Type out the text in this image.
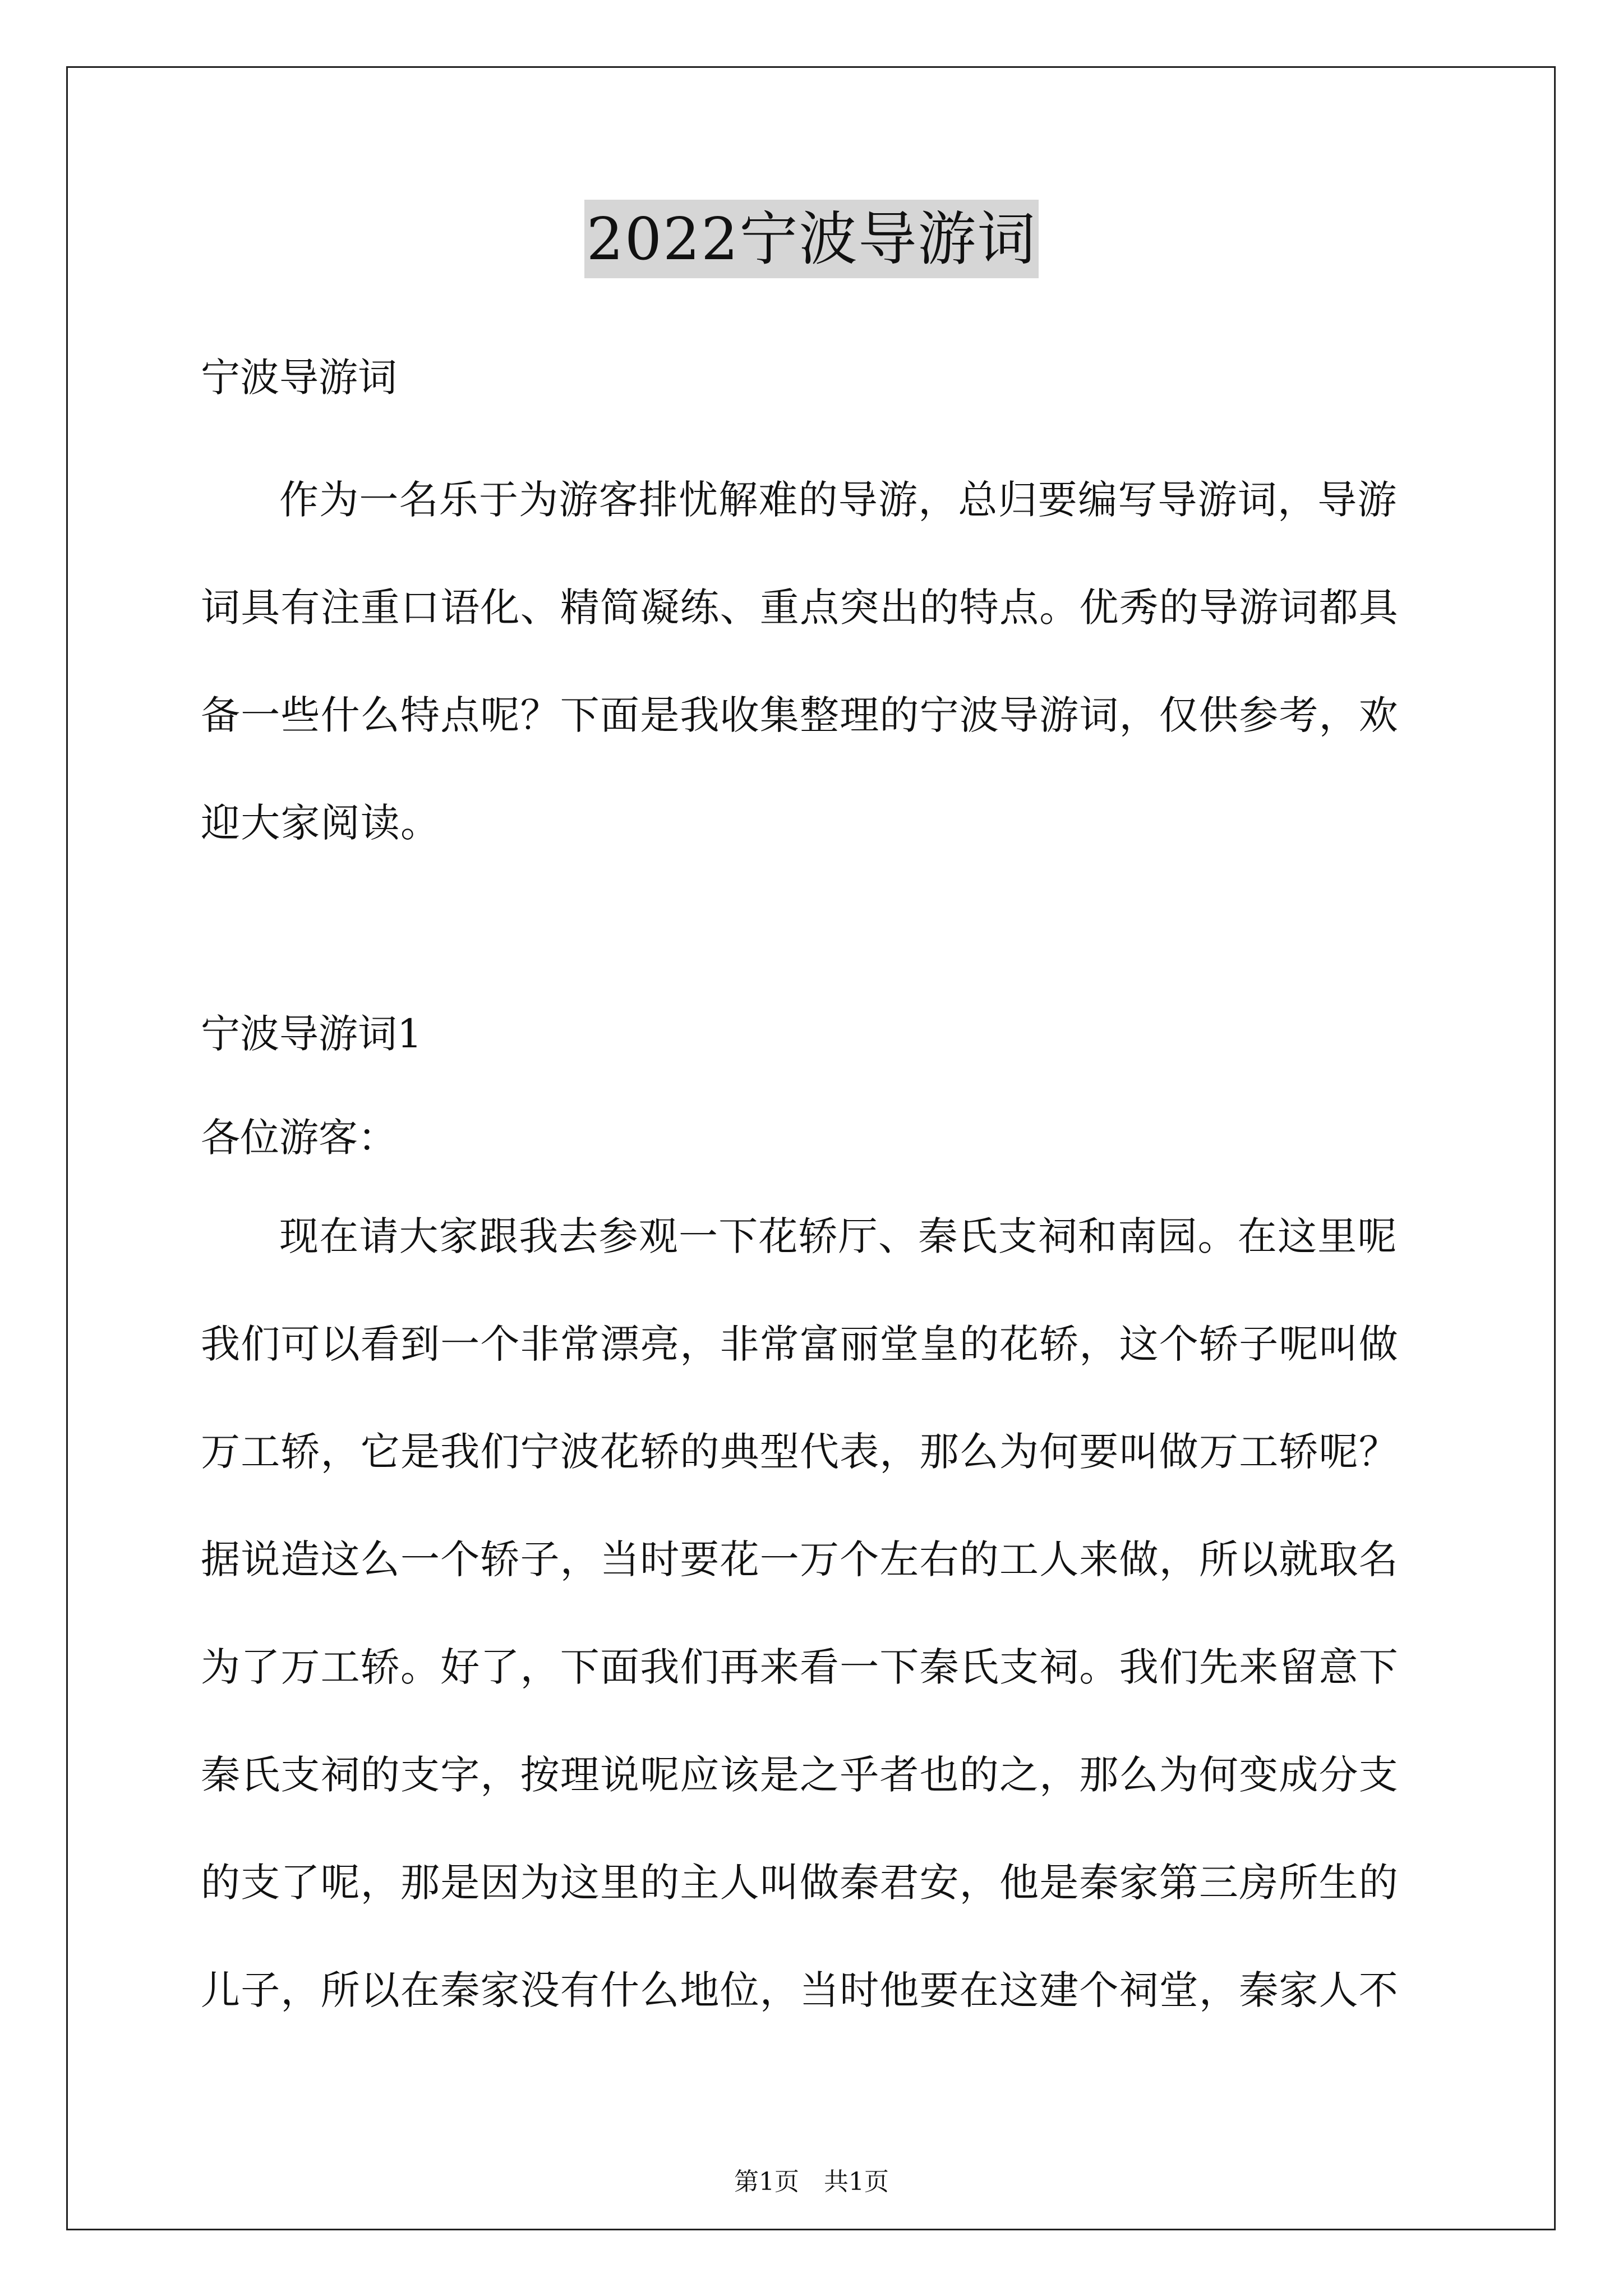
2022宁波导游词

宁波导游词

作为一名乐于为游客排忧解难的导游，总归要编写导游词，导游词具有注重口语化、精简凝练、重点突出的特点。优秀的导游词都具备一些什么特点呢？下面是我收集整理的宁波导游词，仅供参考，欢迎大家阅读。

宁波导游词1

各位游客：

现在请大家跟我去参观一下花轿厅、秦氏支祠和南园。在这里呢我们可以看到一个非常漂亮，非常富丽堂皇的花轿，这个轿子呢叫做万工轿，它是我们宁波花轿的典型代表，那么为何要叫做万工轿呢？据说造这么一个轿子，当时要花一万个左右的工人来做，所以就取名为了万工轿。好了，下面我们再来看一下秦氏支祠。我们先来留意下秦氏支祠的支字，按理说呢应该是之乎者也的之，那么为何变成分支的支了呢，那是因为这里的主人叫做秦君安，他是秦家第三房所生的儿子，所以在秦家没有什么地位，当时他要在这建个祠堂，秦家人不

第1页　共1页
